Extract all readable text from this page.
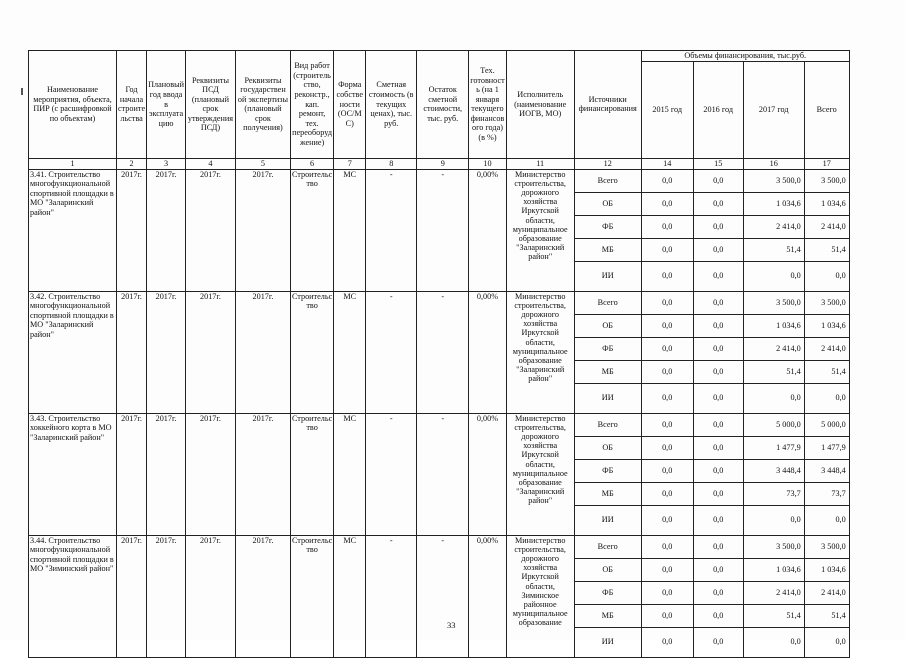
Наименование мероприятия, объекта, ПИР (с расшифровкой по объектам)	Год начала строите льства	Плановый год ввода в эксплуата цию	Реквизиты ПСД (плановый срок утверждения ПСД)	Реквизиты государствен ой экспертизы (плановый срок получения)	Вид работ (строитель ство, реконстр., кап. ремонт, тех. переоборуд жение)	Форма собстве ности (ОС/М С)	Сметная стоимость (в текущих ценах), тыс. руб.	Остаток сметной стоимости, тыс. руб.	Тех. готовност ь (на 1 января текущего финансов ого года) (в %)	Исполнитель (наименование ИОГВ, МО)	Источники финансирования	Объемы финансирования, тыс.руб.			
												2015 год	2016 год	2017 год	Всего
1	2	3	4	5	6	7	8	9	10	11	12	14	15	16	17
3.41. Строительство многофункциональной спортивной площадки в МО "Заларинский район"	2017г.	2017г.	2017г.	2017г.	Строительс тво	МС	-	-	0,00%	Министерство строительства, дорожного хозяйства Иркутской области, муниципальное образование "Заларинский район"	Всего	0,0	0,0	3 500,0	3 500,0
											ОБ	0,0	0,0	1 034,6	1 034,6
											ФБ	0,0	0,0	2 414,0	2 414,0
											МБ	0,0	0,0	51,4	51,4
											ИИ	0,0	0,0	0,0	0,0
3.42. Строительство многофункциональной спортивной площадки в МО "Заларинский район"	2017г.	2017г.	2017г.	2017г.	Строительс тво	МС	-	-	0,00%	Министерство строительства, дорожного хозяйства Иркутской области, муниципальное образование "Заларинский район"	Всего	0,0	0,0	3 500,0	3 500,0
											ОБ	0,0	0,0	1 034,6	1 034,6
											ФБ	0,0	0,0	2 414,0	2 414,0
											МБ	0,0	0,0	51,4	51,4
											ИИ	0,0	0,0	0,0	0,0
3.43. Строительство хоккейного корта в МО "Заларинский район"	2017г.	2017г.	2017г.	2017г.	Строительс тво	МС	-	-	0,00%	Министерство строительства, дорожного хозяйства Иркутской области, муниципальное образование "Заларинский район"	Всего	0,0	0,0	5 000,0	5 000,0
											ОБ	0,0	0,0	1 477,9	1 477,9
											ФБ	0,0	0,0	3 448,4	3 448,4
											МБ	0,0	0,0	73,7	73,7
											ИИ	0,0	0,0	0,0	0,0
3.44. Строительство многофункциональной спортивной площадки в МО "Зиминский район"	2017г.	2017г.	2017г.	2017г.	Строительс тво	МС	-	-	0,00%	Министерство строительства, дорожного хозяйства Иркутской области, Зиминское районное муниципальное образование	Всего	0,0	0,0	3 500,0	3 500,0
											ОБ	0,0	0,0	1 034,6	1 034,6
											ФБ	0,0	0,0	2 414,0	2 414,0
											МБ	0,0	0,0	51,4	51,4
											ИИ	0,0	0,0	0,0	0,0
33
